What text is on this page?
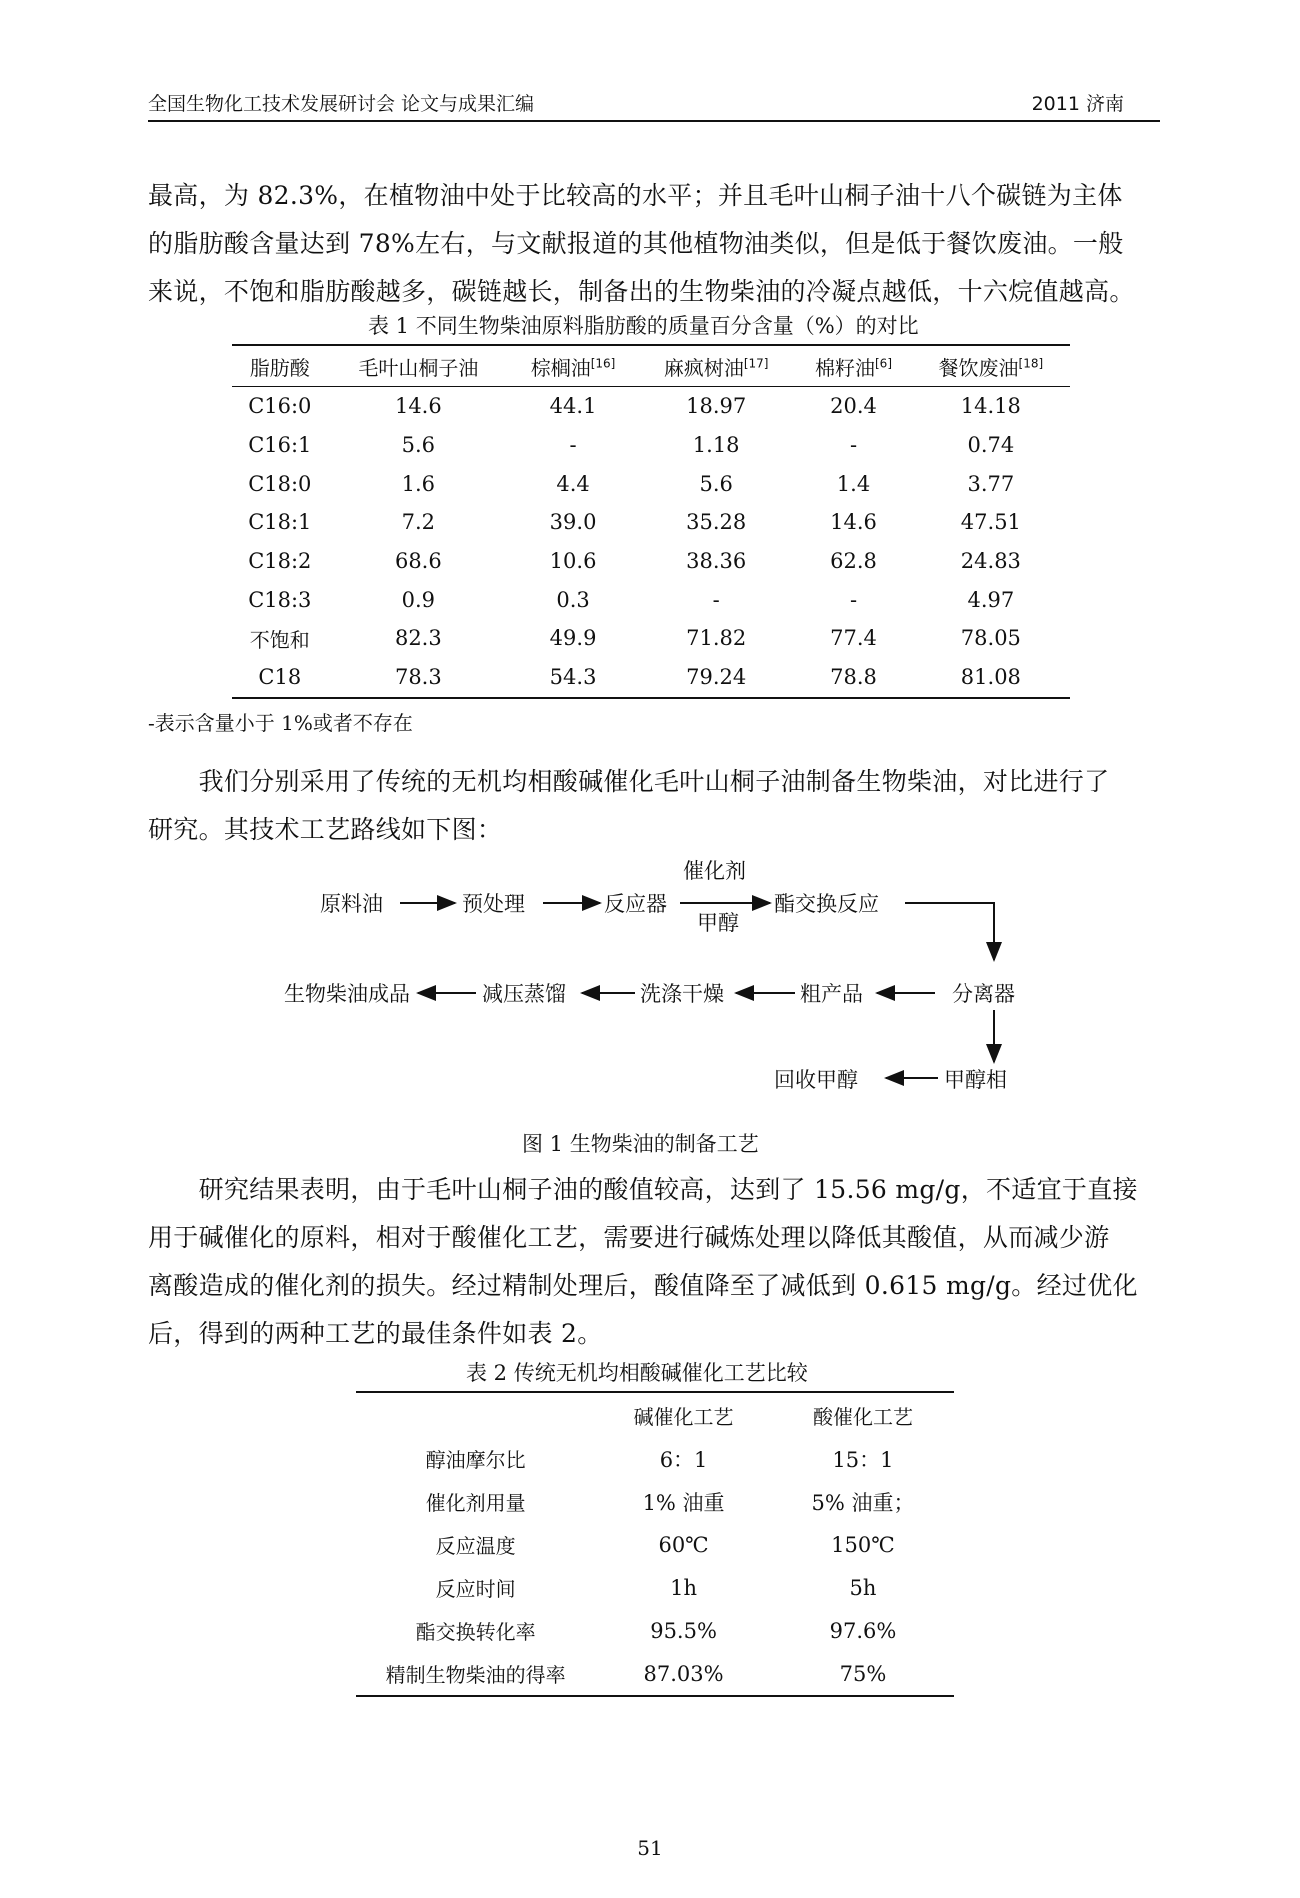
全国生物化工技术发展研讨会 论文与成果汇编	2011 济南

最高，为 82.3%，在植物油中处于比较高的水平；并且毛叶山桐子油十八个碳链为主体
的脂肪酸含量达到 78%左右，与文献报道的其他植物油类似，但是低于餐饮废油。一般
来说，不饱和脂肪酸越多，碳链越长，制备出的生物柴油的冷凝点越低，十六烷值越高。

表 1 不同生物柴油原料脂肪酸的质量百分含量（%）的对比
脂肪酸	毛叶山桐子油	棕榈油[16]	麻疯树油[17]	棉籽油[6]	餐饮废油[18]
C16:0	14.6	44.1	18.97	20.4	14.18
C16:1	5.6	-	1.18	-	0.74
C18:0	1.6	4.4	5.6	1.4	3.77
C18:1	7.2	39.0	35.28	14.6	47.51
C18:2	68.6	10.6	38.36	62.8	24.83
C18:3	0.9	0.3	-	-	4.97
不饱和	82.3	49.9	71.82	77.4	78.05
C18	78.3	54.3	79.24	78.8	81.08
-表示含量小于 1%或者不存在

　　我们分别采用了传统的无机均相酸碱催化毛叶山桐子油制备生物柴油，对比进行了
研究。其技术工艺路线如下图：

原料油	预处理	反应器
催化剂
甲醇
酯交换反应
分离器
粗产品
洗涤干燥
减压蒸馏
生物柴油成品
甲醇相
回收甲醇
图 1 生物柴油的制备工艺

　　研究结果表明，由于毛叶山桐子油的酸值较高，达到了 15.56 mg/g，不适宜于直接
用于碱催化的原料，相对于酸催化工艺，需要进行碱炼处理以降低其酸值，从而减少游
离酸造成的催化剂的损失。经过精制处理后，酸值降至了减低到 0.615 mg/g。经过优化
后，得到的两种工艺的最佳条件如表 2。

表 2 传统无机均相酸碱催化工艺比较
	碱催化工艺	酸催化工艺
醇油摩尔比	6：1	15：1
催化剂用量	1% 油重	5% 油重；
反应温度	60℃	150℃
反应时间	1h	5h
酯交换转化率	95.5%	97.6%
精制生物柴油的得率	87.03%	75%
51
